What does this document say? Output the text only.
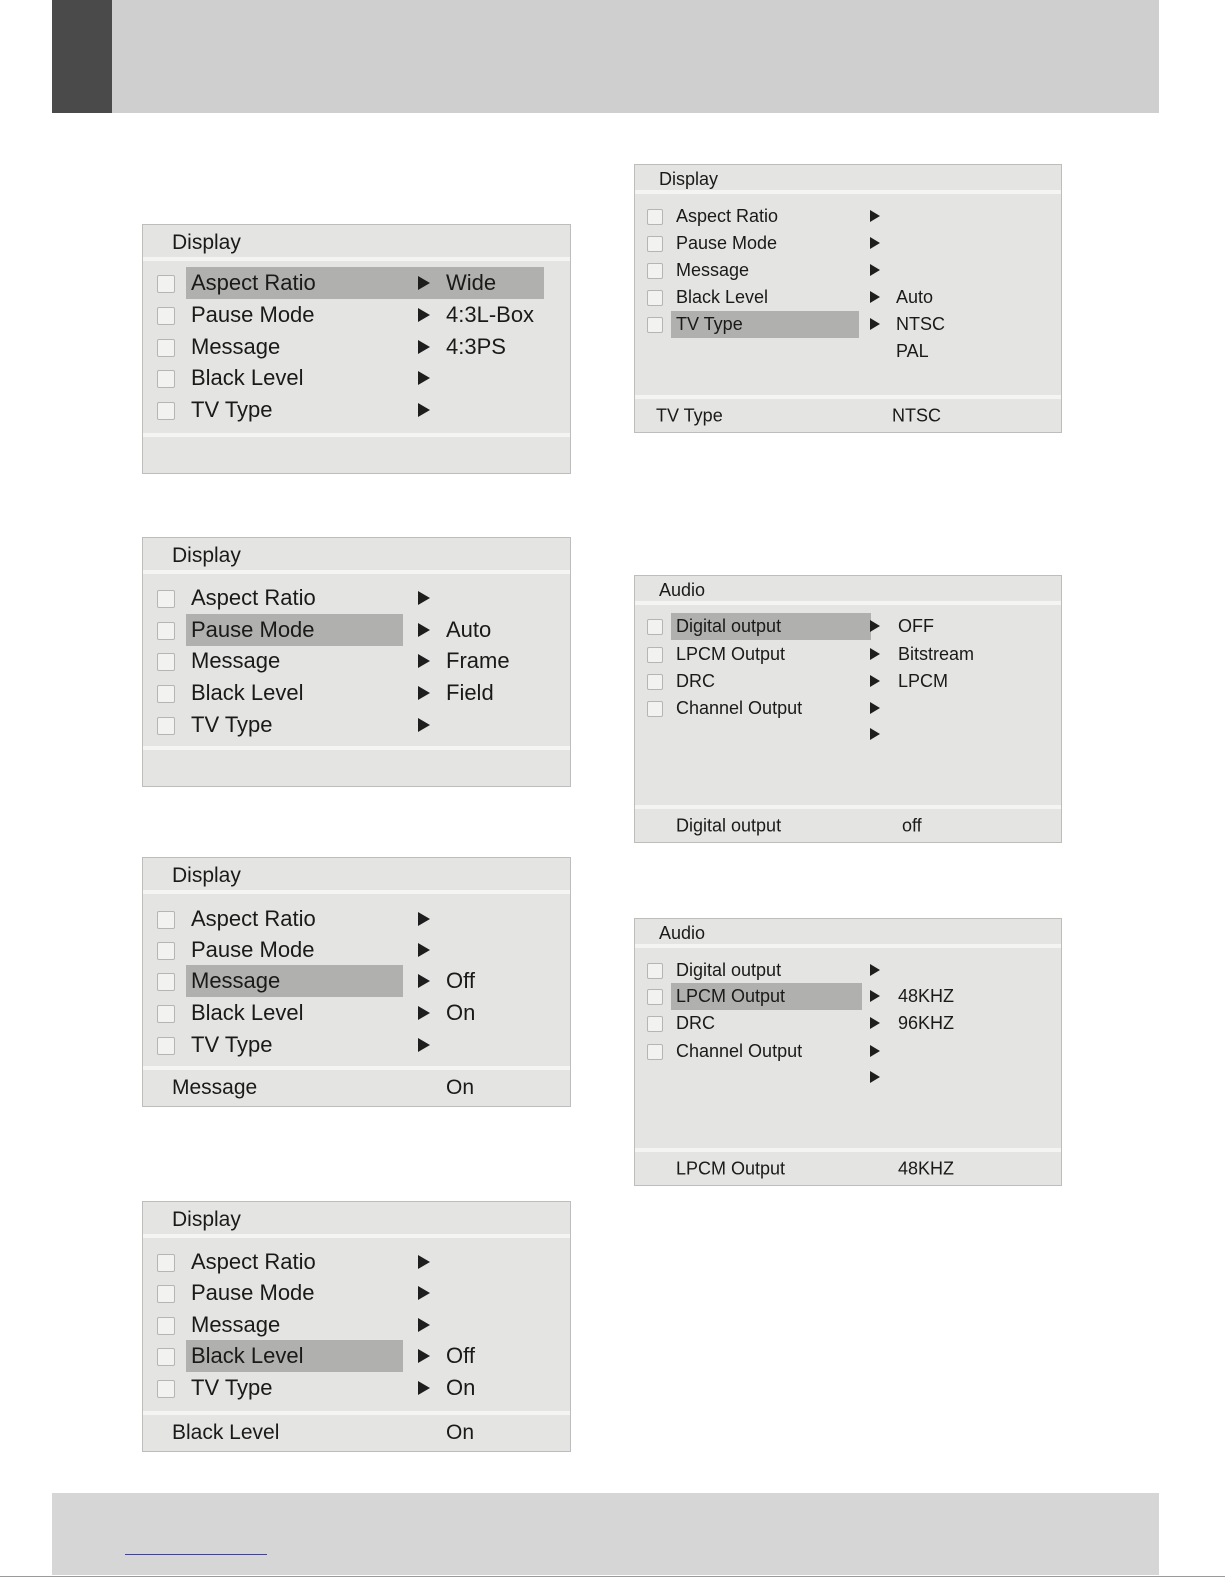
Display
Aspect Ratio	Wide
Pause Mode	4:3L-Box
Message	4:3PS
Black Level
TV Type
Display
Aspect Ratio
Pause Mode	Auto
Message	Frame
Black Level	Field
TV Type
Display
Aspect Ratio
Pause Mode
Message	Off
Black Level	On
TV Type
Message	On
Display
Aspect Ratio
Pause Mode
Message
Black Level	Off
TV Type	On
Black Level	On
Display
Aspect Ratio
Pause Mode
Message
Black Level	Auto
TV Type	NTSC
PAL
TV Type	NTSC
Audio
Digital output	OFF
LPCM Output	Bitstream
DRC	LPCM
Channel Output
Digital output	off
Audio
Digital output
LPCM Output	48KHZ
DRC	96KHZ
Channel Output
LPCM Output	48KHZ
